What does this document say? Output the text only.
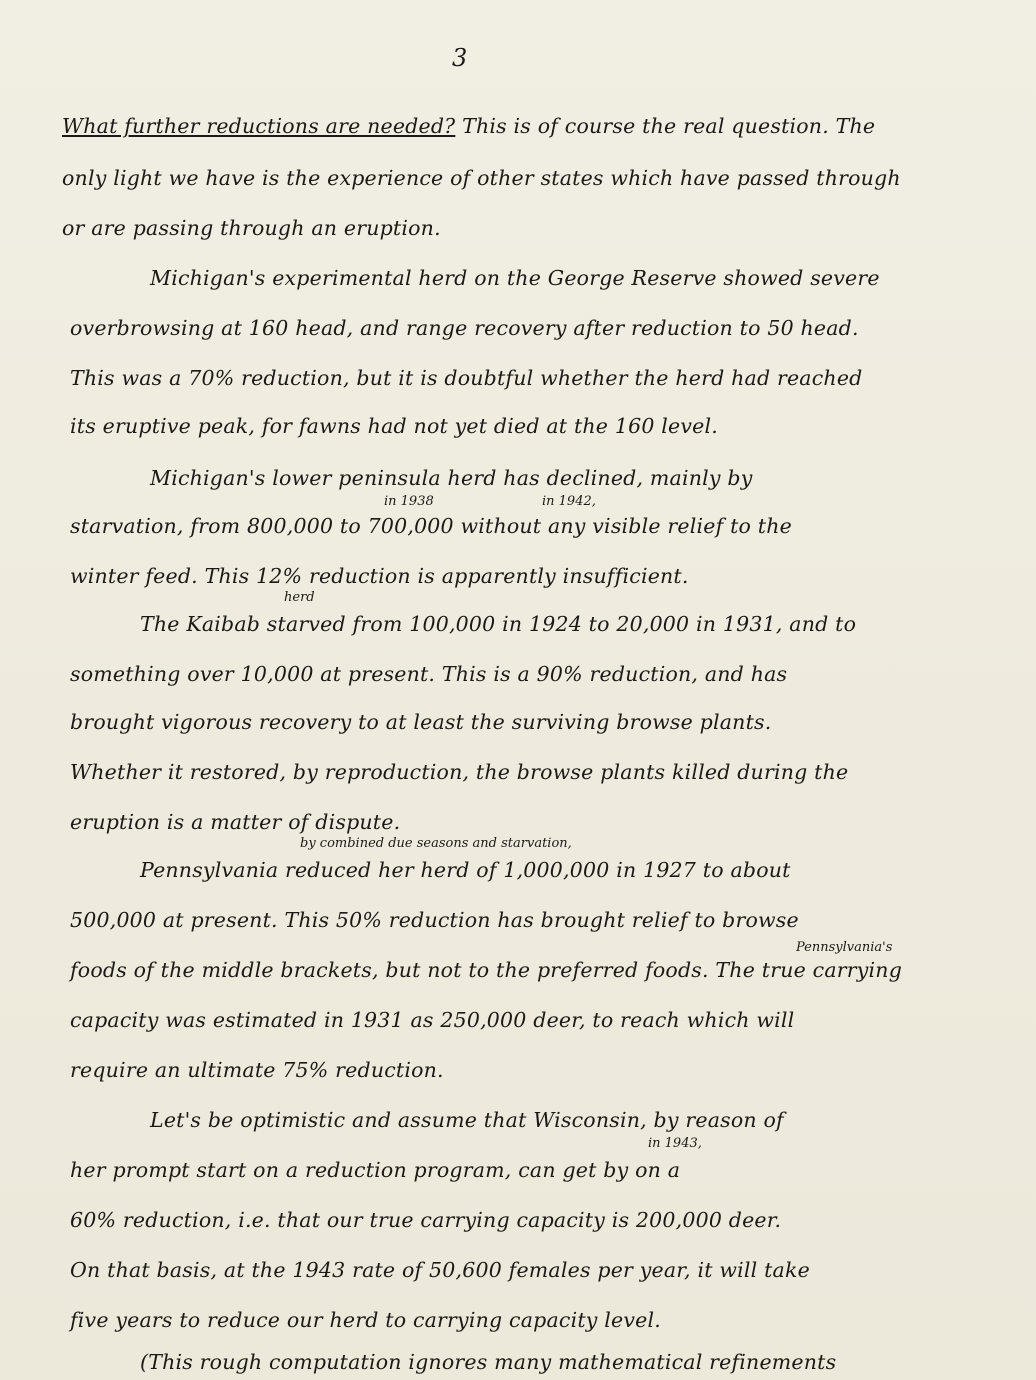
3
What further reductions are needed? This is of course the real question. The
only light we have is the experience of other states which have passed through
or are passing through an eruption.
Michigan's experimental herd on the George Reserve showed severe
overbrowsing at 160 head, and range recovery after reduction to 50 head.
This was a 70% reduction, but it is doubtful whether the herd had reached
its eruptive peak, for fawns had not yet died at the 160 level.
Michigan's lower peninsula herd has declined, mainly by
in 1938	in 1942,
starvation, from 800,000 to 700,000 without any visible relief to the
winter feed. This 12% reduction is apparently insufficient.
herd
The Kaibab starved from 100,000 in 1924 to 20,000 in 1931, and to
something over 10,000 at present. This is a 90% reduction, and has
brought vigorous recovery to at least the surviving browse plants.
Whether it restored, by reproduction, the browse plants killed during the
eruption is a matter of dispute.
by combined due seasons and starvation,
Pennsylvania reduced her herd of 1,000,000 in 1927 to about
500,000 at present. This 50% reduction has brought relief to browse
Pennsylvania's
foods of the middle brackets, but not to the preferred foods. The true carrying
capacity was estimated in 1931 as 250,000 deer, to reach which will
require an ultimate 75% reduction.
Let's be optimistic and assume that Wisconsin, by reason of
in 1943,
her prompt start on a reduction program, can get by on a
60% reduction, i.e. that our true carrying capacity is 200,000 deer.
On that basis, at the 1943 rate of 50,600 females per year, it will take
five years to reduce our herd to carrying capacity level.
(This rough computation ignores many mathematical refinements
